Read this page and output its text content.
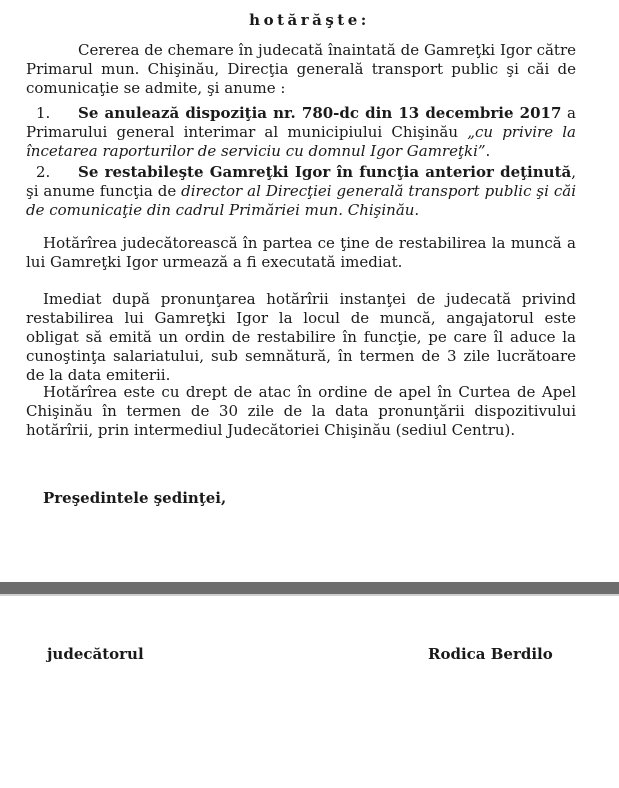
hotărăşte:

Cererea de chemare în judecată înaintată de Gamreţki Igor către Primarul mun. Chişinău, Direcţia generală transport public şi căi de comunicaţie se admite, şi anume :

1. Se anulează dispoziţia nr. 780-dc din 13 decembrie 2017 a Primarului general interimar al municipiului Chişinău „cu privire la încetarea raporturilor de serviciu cu domnul Igor Gamreţki”.

2. Se restabileşte Gamreţki Igor în funcţia anterior deţinută, şi anume funcţia de director al Direcţiei generală transport public şi căi de comunicaţie din cadrul Primăriei mun. Chişinău.

Hotărîrea judecătorească în partea ce ţine de restabilirea la muncă a lui Gamreţki Igor urmează a fi executată imediat.

Imediat după pronunţarea hotărîrii instanţei de judecată privind restabilirea lui Gamreţki Igor la locul de muncă, angajatorul este obligat să emită un ordin de restabilire în funcţie, pe care îl aduce la cunoştinţa salariatului, sub semnătură, în termen de 3 zile lucrătoare de la data emiterii.

Hotărîrea este cu drept de atac în ordine de apel în Curtea de Apel Chişinău în termen de 30 zile de la data pronunţării dispozitivului hotărîrii, prin intermediul Judecătoriei Chişinău (sediul Centru).

Preşedintele şedinţei,
judecătorul	Rodica Berdilo
